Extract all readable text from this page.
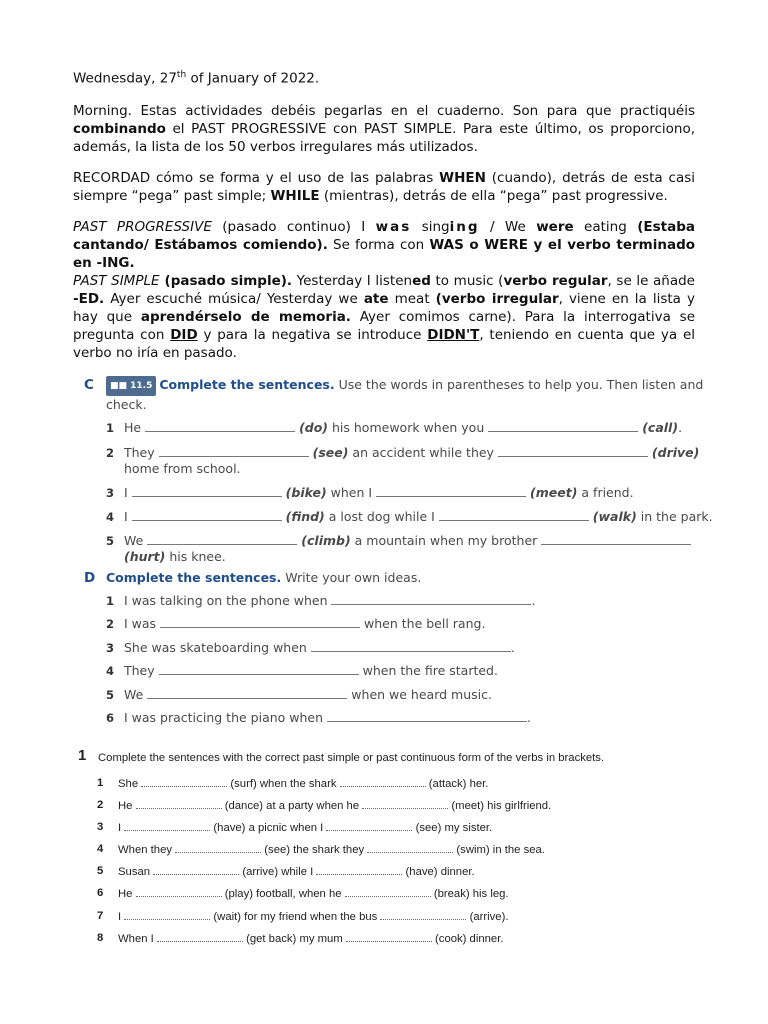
Wednesday, 27th of January of 2022.

Morning. Estas actividades debéis pegarlas en el cuaderno. Son para que practiquéis combinando el PAST PROGRESSIVE con PAST SIMPLE. Para este último, os proporciono, además, la lista de los 50 verbos irregulares más utilizados.

RECORDAD cómo se forma y el uso de las palabras WHEN (cuando), detrás de esta casi siempre “pega” past simple; WHILE (mientras), detrás de ella “pega” past progressive.

PAST PROGRESSIVE (pasado continuo) I was singing / We were eating (Estaba cantando/ Estábamos comiendo). Se forma con WAS o WERE y el verbo terminado en -ING.

PAST SIMPLE (pasado simple). Yesterday I listened to music (verbo regular, se le añade -ED. Ayer escuché música/ Yesterday we ate meat (verbo irregular, viene en la lista y hay que aprendérselo de memoria. Ayer comimos carne). Para la interrogativa se pregunta con DID y para la negativa se introduce DIDN'T, teniendo en cuenta que ya el verbo no iría en pasado.

C	■■ 11.5 Complete the sentences. Use the words in parentheses to help you. Then listen and check.
1 He	(do) his homework when you	(call).
2 They	(see) an accident while they	(drive) home from school.
3 I	(bike) when I	(meet) a friend.
4 I	(find) a lost dog while I	(walk) in the park.
5 We	(climb) a mountain when my brother  (hurt) his knee.
D Complete the sentences. Write your own ideas.
1 I was talking on the phone when	.
2 I was	when the bell rang.
3 She was skateboarding when	.
4 They	when the fire started.
5 We	when we heard music.
6 I was practicing the piano when	.
1 Complete the sentences with the correct past simple or past continuous form of the verbs in brackets.
1 She	(surf) when the shark	(attack) her.
2 He	(dance) at a party when he	(meet) his girlfriend.
3 I	(have) a picnic when I	(see) my sister.
4 When they	(see) the shark they	(swim) in the sea.
5 Susan	(arrive) while I	(have) dinner.
6 He	(play) football, when he	(break) his leg.
7 I	(wait) for my friend when the bus	(arrive).
8 When I	(get back) my mum	(cook) dinner.
